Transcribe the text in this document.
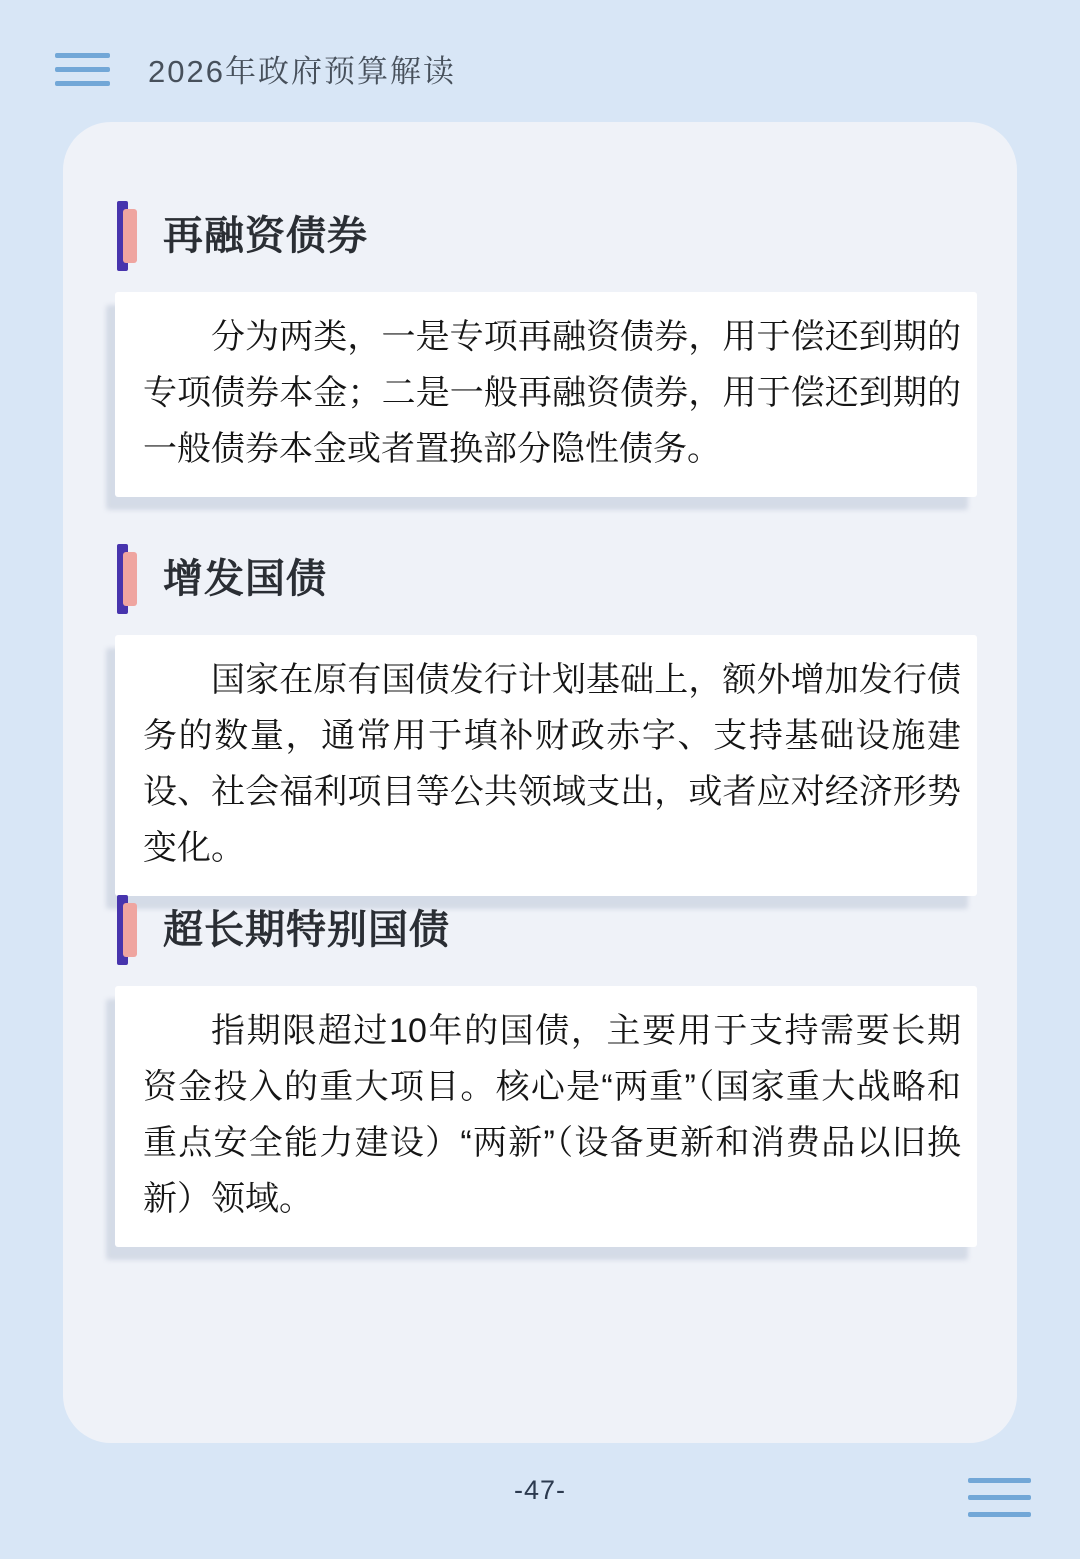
2026年政府预算解读
再融资债券

分为两类，一是专项再融资债券，用于偿还到期的专项债券本金；二是一般再融资债券，用于偿还到期的一般债券本金或者置换部分隐性债务。

增发国债

国家在原有国债发行计划基础上，额外增加发行债务的数量，通常用于填补财政赤字、支持基础设施建设、社会福利项目等公共领域支出，或者应对经济形势变化。

超长期特别国债

指期限超过10年的国债，主要用于支持需要长期资金投入的重大项目。核心是“两重”（国家重大战略和重点安全能力建设）“两新”（设备更新和消费品以旧换新）领域。

-47-
